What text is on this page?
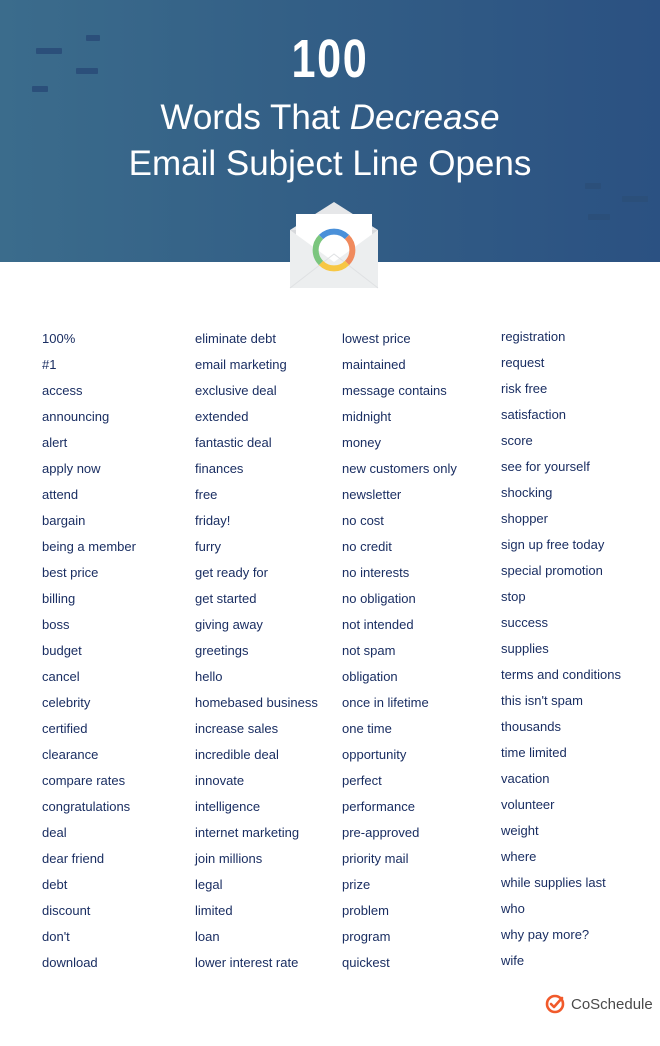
100
Words That Decrease
Email Subject Line Opens
100%
#1
access
announcing
alert
apply now
attend
bargain
being a member
best price
billing
boss
budget
cancel
celebrity
certified
clearance
compare rates
congratulations
deal
dear friend
debt
discount
don't
download
eliminate debt
email marketing
exclusive deal
extended
fantastic deal
finances
free
friday!
furry
get ready for
get started
giving away
greetings
hello
homebased business
increase sales
incredible deal
innovate
intelligence
internet marketing
join millions
legal
limited
loan
lower interest rate
lowest price
maintained
message contains
midnight
money
new customers only
newsletter
no cost
no credit
no interests
no obligation
not intended
not spam
obligation
once in lifetime
one time
opportunity
perfect
performance
pre-approved
priority mail
prize
problem
program
quickest
registration
request
risk free
satisfaction
score
see for yourself
shocking
shopper
sign up free today
special promotion
stop
success
supplies
terms and conditions
this isn't spam
thousands
time limited
vacation
volunteer
weight
where
while supplies last
who
why pay more?
wife
CoSchedule
